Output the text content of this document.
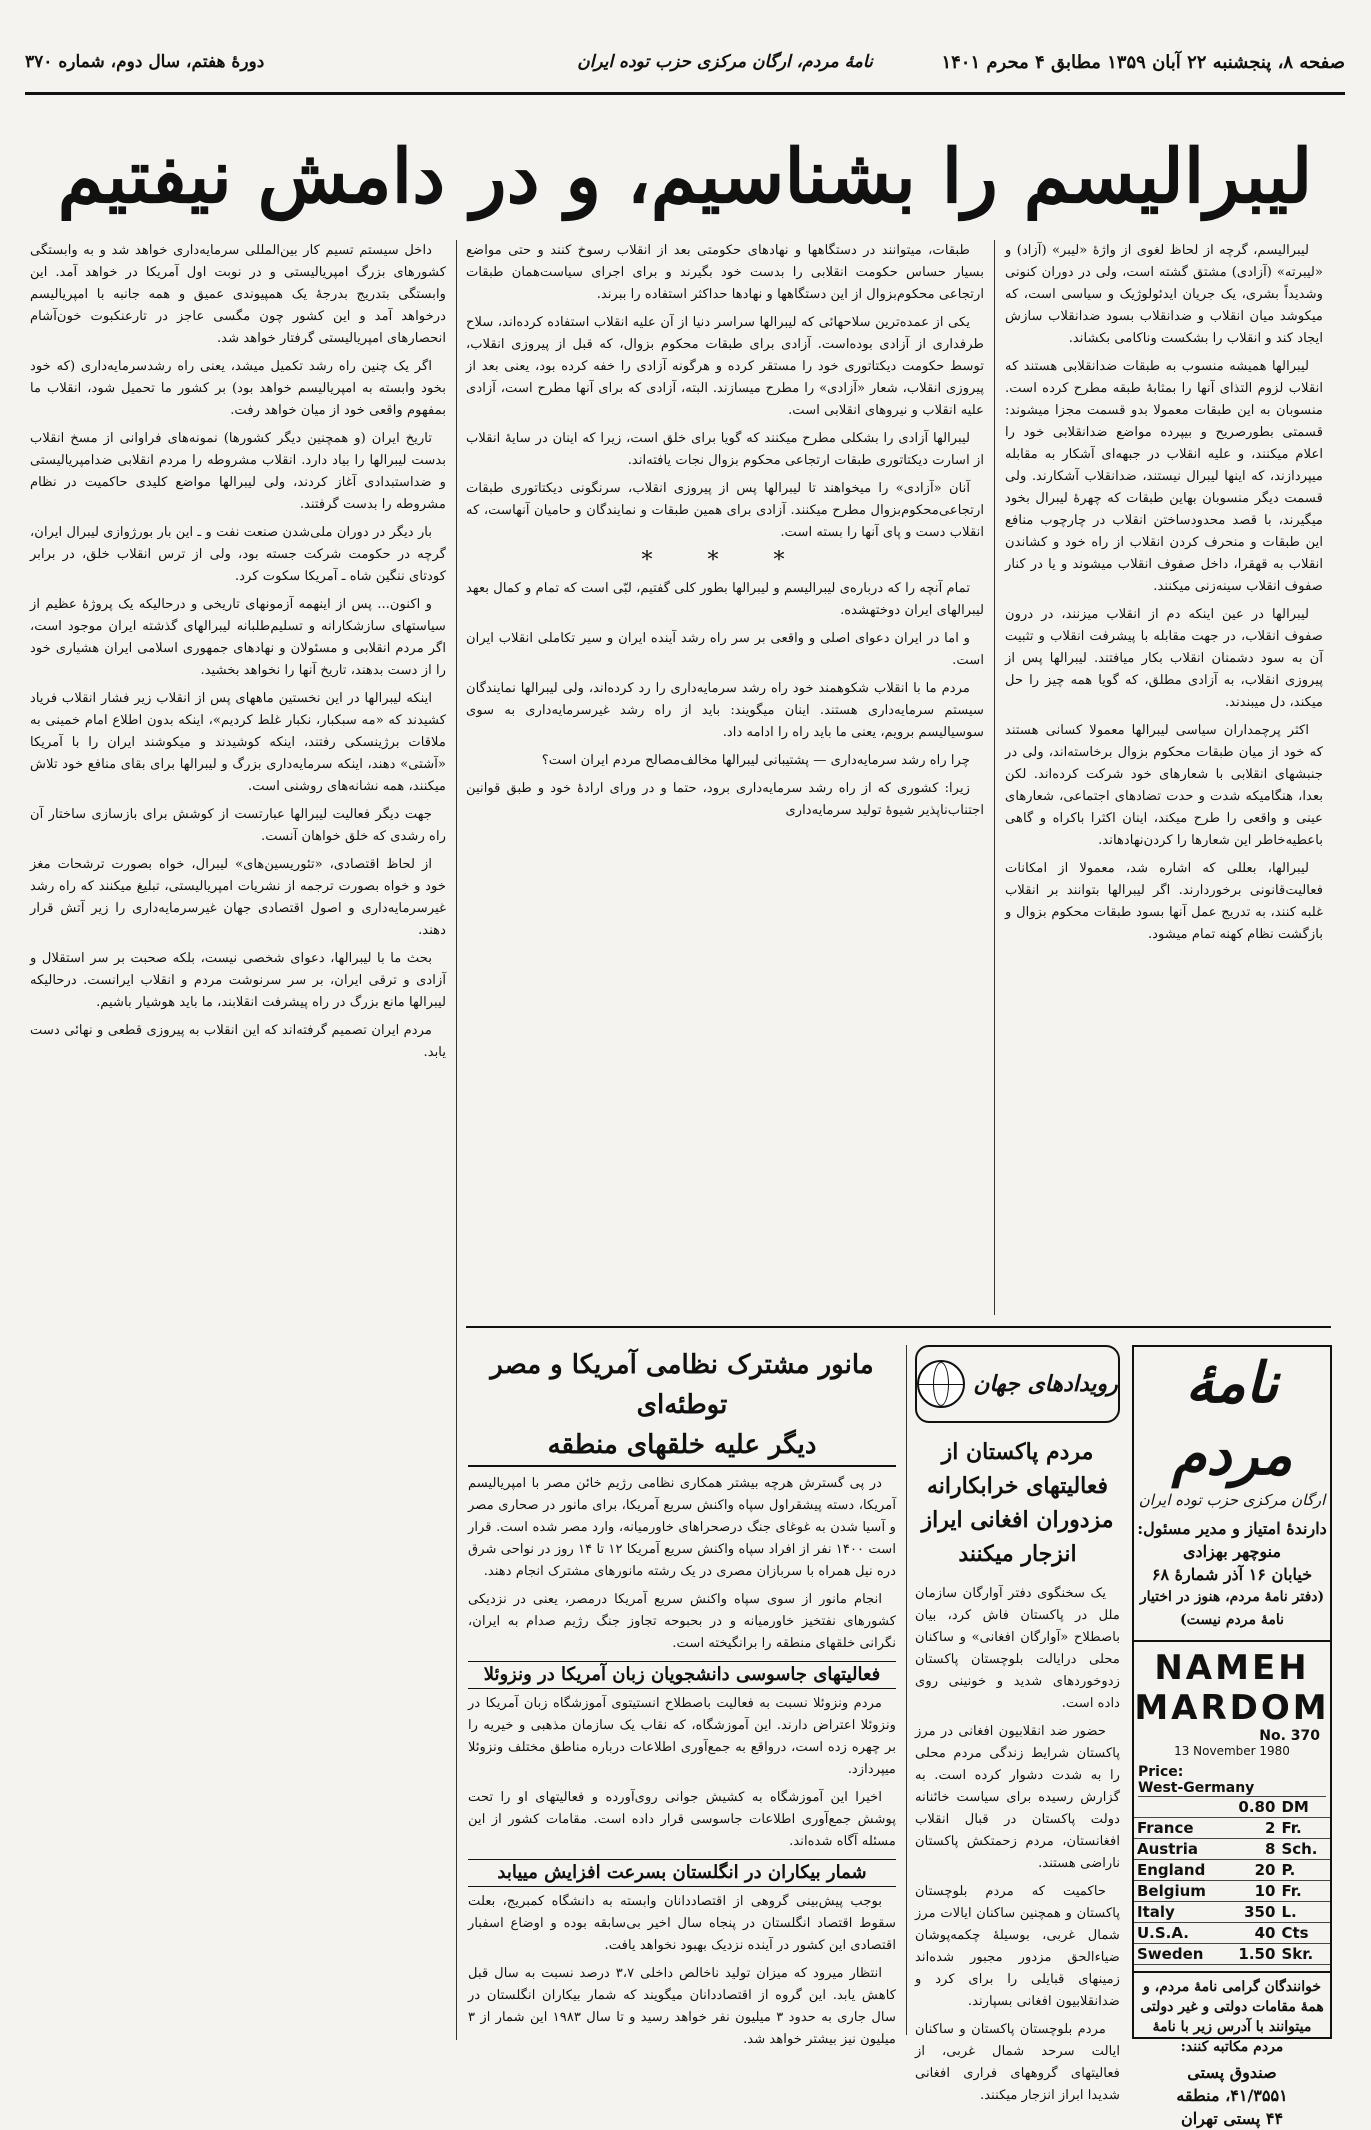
صفحه ۸، پنجشنبه ۲۲ آبان ۱۳۵۹ مطابق ۴ محرم ۱۴۰۱
نامهٔ مردم، ارگان مرکزی حزب توده ایران
دورهٔ هفتم، سال دوم، شماره ۳۷۰
لیبرالیسم را بشناسیم، و در دامش نیفتیم

لیبرالیسم، گرچه از لحاظ لغوی از واژهٔ «لیبر» (آزاد) و «لیبرته» (آزادی) مشتق گشته است، ولی در دوران کنونی وشدیداً بشری، یک جریان ایدئولوژیک و سیاسی است، که میکوشد میان انقلاب و ضدانقلاب بسود ضدانقلاب سازش ایجاد کند و انقلاب را بشکست وناکامی بکشاند.

لیبرالها همیشه منسوب به طبقات ضدانقلابی هستند که انقلاب لزوم التذای آنها را بمثابهٔ طبقه مطرح کرده است. منسوبان به این طبقات معمولا بدو قسمت مجزا میشوند: قسمتی بطورصریح و بیپرده مواضع ضدانقلابی خود را اعلام میکنند، و علیه انقلاب در جبهه‌ای آشکار به مقابله میپردازند، که اینها لیبرال نیستند، ضدانقلاب آشکارند. ولی قسمت دیگر منسوبان بهاین طبقات که چهرهٔ لیبرال بخود میگیرند، با قصد محدودساختن انقلاب در چارچوب منافع این طبقات و منحرف کردن انقلاب از راه خود و کشاندن انقلاب به قهقرا، داخل صفوف انقلاب میشوند و یا در کنار صفوف انقلاب سینه‌زنی میکنند.

لیبرالها در عین اینکه دم از انقلاب میزنند، در درون صفوف انقلاب، در جهت مقابله با پیشرفت انقلاب و تثبیت آن به سود دشمنان انقلاب بکار میافتند. لیبرالها پس از پیروزی انقلاب، به آزادی مطلق، که گویا همه چیز را حل میکند، دل میبندند.

اکثر پرچمداران سیاسی لیبرالها معمولا کسانی هستند که خود از میان طبقات محکوم بزوال برخاسته‌اند، ولی در جنبشهای انقلابی با شعارهای خود شرکت کرده‌اند. لکن بعدا، هنگامیکه شدت و حدت تضادهای اجتماعی، شعارهای عینی و واقعی را طرح میکند، اینان اکثرا باکراه و گاهی باعطیه‌خاطر این شعارها را کردن‌نهادهاند.

لیبرالها، بعللی که اشاره شد، معمولا از امکانات فعالیت‌قانونی برخوردارند. اگر لیبرالها بتوانند بر انقلاب غلبه کنند، به تدریج عمل آنها بسود طبقات محکوم بزوال و بازگشت نظام کهنه تمام میشود.

طبقات، میتوانند در دستگاهها و نهادهای حکومتی بعد از انقلاب رسوخ کنند و حتی مواضع بسیار حساس حکومت انقلابی را بدست خود بگیرند و برای اجرای سیاست‌همان طبقات ارتجاعی محکوم‌بزوال از این دستگاهها و نهادها حداکثر استفاده را ببرند.

یکی از عمده‌ترین سلاحهائی که لیبرالها سراسر دنیا از آن علیه انقلاب استفاده کرده‌اند، سلاح طرفداری از آزادی بوده‌است. آزادی برای طبقات محکوم بزوال، که قبل از پیروزی انقلاب، توسط حکومت دیکتاتوری خود را مستقر کرده و هرگونه آزادی را خفه کرده بود، یعنی بعد از پیروزی انقلاب، شعار «آزادی» را مطرح میسازند. البته، آزادی که برای آنها مطرح است، آزادی علیه انقلاب و نیروهای انقلابی است.

لیبرالها آزادی را بشکلی مطرح میکنند که گویا برای خلق است، زیرا که اینان در سایهٔ انقلاب از اسارت دیکتاتوری طبقات ارتجاعی محکوم بزوال نجات یافته‌اند.

آنان «آزادی» را میخواهند تا لیبرالها پس از پیروزی انقلاب، سرنگونی دیکتاتوری طبقات ارتجاعی‌محکوم‌بزوال مطرح میکنند. آزادی برای همین طبقات و نمایندگان و حامیان آنهاست، که انقلاب دست و پای آنها را بسته است.

* * *

تمام آنچه را که درباره‌ی لیبرالیسم و لیبرالها بطور کلی گفتیم، لبّی است که تمام و کمال بعهد لیبرالهای ایران دوختهشده.

و اما در ایران دعوای اصلی و واقعی بر سر راه رشد آینده ایران و سیر تکاملی انقلاب ایران است.

مردم ما با انقلاب شکوهمند خود راه رشد سرمایه‌داری را رد کرده‌اند، ولی لیبرالها نمایندگان سیستم سرمایه‌داری هستند. اینان میگویند: باید از راه رشد غیرسرمایه‌داری به سوی سوسیالیسم برویم، یعنی ما باید راه را ادامه داد.

چرا راه رشد سرمایه‌داری — پشتیبانی لیبرالها مخالف‌مصالح مردم ایران است؟

زیرا: کشوری که از راه رشد سرمایه‌داری برود، حتما و در ورای ارادهٔ خود و طبق قوانین اجتناب‌ناپذیر شیوهٔ تولید سرمایه‌داری

داخل سیستم تسیم کار بین‌المللی سرمایه‌داری خواهد شد و به وابستگی کشورهای بزرگ امپریالیستی و در نوبت اول آمریکا در خواهد آمد. این وابستگی بتدریج بدرجهٔ یک همپیوندی عمیق و همه جانبه با امپریالیسم درخواهد آمد و این کشور چون مگسی عاجز در تارعنکبوت خون‌آشام انحصارهای امپریالیستی گرفتار خواهد شد.

اگر یک چنین راه رشد تکمیل میشد، یعنی راه رشدسرمایه‌داری (که خود بخود وابسته به امپریالیسم خواهد بود) بر کشور ما تحمیل شود، انقلاب ما بمفهوم واقعی خود از میان خواهد رفت.

تاریخ ایران (و همچنین دیگر کشورها) نمونه‌های فراوانی از مسخ انقلاب بدست لیبرالها را بیاد دارد. انقلاب مشروطه را مردم انقلابی ضدامپریالیستی و ضداستبدادی آغاز کردند، ولی لیبرالها مواضع کلیدی حاکمیت در نظام مشروطه را بدست گرفتند.

بار دیگر در دوران ملی‌شدن صنعت نفت و ـ این بار بورژوازی لیبرال ایران، گرچه در حکومت شرکت جسته بود، ولی از ترس انقلاب خلق، در برابر کودتای ننگین شاه ـ آمریکا سکوت کرد.

و اکنون... پس از اینهمه آزمونهای تاریخی و درحالیکه یک پروژهٔ عظیم از سیاستهای سازشکارانه و تسلیم‌طلبانه لیبرالهای گذشته ایران موجود است، اگر مردم انقلابی و مسئولان و نهادهای جمهوری اسلامی ایران هشیاری خود را از دست بدهند، تاریخ آنها را نخواهد بخشید.

اینکه لیبرالها در این نخستین ماههای پس از انقلاب زیر فشار انقلاب فریاد کشیدند که «مه سبکبار، نکبار غلط کردیم»، اینکه بدون اطلاع امام خمینی به ملاقات برژینسکی رفتند، اینکه کوشیدند و میکوشند ایران را با آمریکا «آشتی» دهند، اینکه سرمایه‌داری بزرگ و لیبرالها برای بقای منافع خود تلاش میکنند، همه نشانه‌های روشنی است.

جهت دیگر فعالیت لیبرالها عبارتست از کوشش برای باز‌سازی ساختار آن راه رشدی که خلق خواهان آنست.

از لحاظ اقتصادی، «تئوریسین‌های» لیبرال، خواه بصورت ترشحات مغز خود و خواه بصورت ترجمه از نشریات امپریالیستی، تبلیغ میکنند که راه رشد غیرسرمایه‌داری و اصول اقتصادی جهان غیرسرمایه‌داری را زیر آتش قرار دهند.

بحث ما با لیبرالها، دعوای شخصی نیست، بلکه صحبت بر سر استقلال و آزادی و ترقی ایران، بر سر سرنوشت مردم و انقلاب ایرانست. درحالیکه لیبرالها مانع بزرگ در راه پیشرفت انقلابند، ما باید هوشیار باشیم.

مردم ایران تصمیم گرفته‌اند که این انقلاب به پیروزی قطعی و نهائی دست یابد.

نامهٔ مردم
ارگان مرکزی حزب توده ایران
دارندهٔ امتیاز و مدیر مسئول:
منوچهر بهزادی
خیابان ۱۶ آذر شمارهٔ ۶۸
(دفتر نامهٔ مردم، هنوز در اختیار نامهٔ مردم نیست)
NAMEH
MARDOM
No. 370
13 November 1980
Price:
West-Germany
	0.80	DM
France	2	Fr.
Austria	8	Sch.
England	20	P.
Belgium	10	Fr.
Italy	350	L.
U.S.A.	40	Cts
Sweden	1.50	Skr.
خوانندگان گرامی نامهٔ مردم، و همهٔ مقامات دولتی و غیر دولتی میتوانند با آدرس زیر با نامهٔ مردم مکاتبه کنند:
صندوق پستی
۴۱/۳۵۵۱، منطقه
۴۴ پستی تهران
رویدادهای جهان
مردم پاکستان از فعالیتهای خرابکارانه مزدوران افغانی ایراز انزجار میکنند

یک سخنگوی دفتر آوارگان سازمان ملل در پاکستان فاش کرد، بیان باصطلاح «آوارگان افغانی» و ساکنان محلی درایالت بلوچستان پاکستان زدوخوردهای شدید و خونینی روی داده است.

حضور ضد انقلابیون افغانی در مرز پاکستان شرایط زندگی مردم محلی را به شدت دشوار کرده است. به گزارش رسیده برای سیاست خائنانه دولت پاکستان در قبال انقلاب افغانستان، مردم زحمتکش پاکستان ناراضی هستند.

حاکمیت که مردم بلوچستان پاکستان و همچنین ساکنان ایالات مرز شمال غربی، بوسیلهٔ چکمه‌پوشان ضیاءالحق مزدور مجبور شده‌اند زمینهای قبایلی را برای کرد و ضدانقلابیون افغانی بسپارند.

مردم بلوچستان پاکستان و ساکنان ایالت سرحد شمال غربی، از فعالیتهای گروههای فراری افغانی شدیدا ابراز انزجار میکنند.

مانور مشترک نظامی آمریکا و مصر توطئه‌ای
دیگر علیه خلقهای منطقه

در پی گسترش هرچه بیشتر همکاری نظامی رژیم خائن مصر با امپریالیسم آمریکا، دسته پیشقراول سپاه واکنش سریع آمریکا، برای مانور در صحاری مصر و آسیا شدن به غوغای جنگ درصحراهای خاورمیانه، وارد مصر شده است. قرار است ۱۴۰۰ نفر از افراد سپاه واکنش سریع آمریکا ۱۲ تا ۱۴ روز در نواحی شرق دره نیل همراه با سربازان مصری در یک رشته مانورهای مشترک انجام دهند.

انجام مانور از سوی سپاه واکنش سریع آمریکا درمصر، یعنی در نزدیکی کشورهای نفتخیز خاورمیانه و در بحبوحه تجاوز جنگ رژیم صدام به ایران، نگرانی خلقهای منطقه را برانگیخته است.

فعالیتهای جاسوسی دانشجویان زبان آمریکا در ونزوئلا

مردم ونزوئلا نسبت به فعالیت باصطلاح انستیتوی آموزشگاه زبان آمریکا در ونزوئلا اعتراض دارند. این آموزشگاه، که نقاب یک سازمان مذهبی و خیریه را بر چهره زده است، درواقع به جمع‌آوری اطلاعات درباره مناطق مختلف ونزوئلا میپردازد.

اخیرا این آموزشگاه به کشیش جوانی روی‌آورده و فعالیتهای او را تحت پوشش جمع‌آوری اطلاعات جاسوسی قرار داده است. مقامات کشور از این مسئله آگاه شده‌اند.

شمار بیکاران در انگلستان بسرعت افزایش مییابد

بوجب پیش‌بینی گروهی از اقتصاددانان وابسته به دانشگاه کمبریج، بعلت سقوط اقتصاد انگلستان در پنجاه سال اخیر بی‌سابقه بوده و اوضاع اسفبار اقتصادی این کشور در آینده نزدیک بهبود نخواهد یافت.

انتظار میرود که میزان تولید ناخالص داخلی ۳،۷ درصد نسبت به سال قبل کاهش یابد. این گروه از اقتصاددانان میگویند که شمار بیکاران انگلستان در سال جاری به حدود ۳ میلیون نفر خواهد رسید و تا سال ۱۹۸۳ این شمار از ۳ میلیون نیز بیشتر خواهد شد.
